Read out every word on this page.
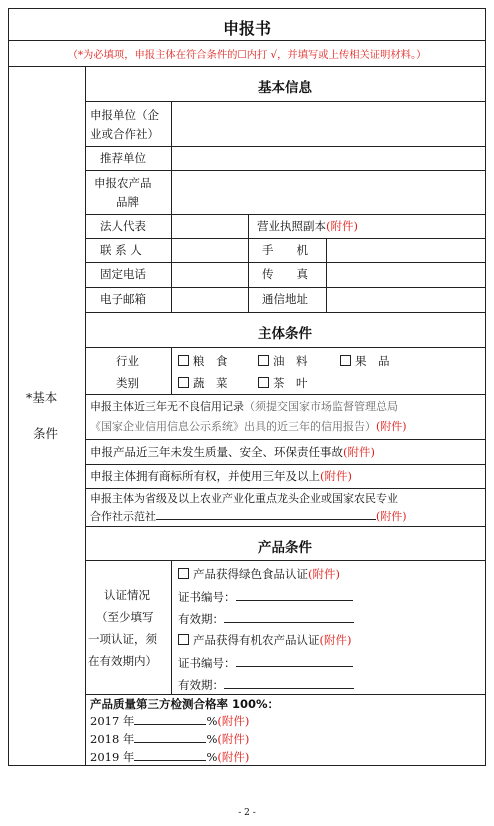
申报书
（*为必填项，申报主体在符合条件的☐内打 √，并填写或上传相关证明材料。）
*基本
条件
基本信息
主体条件
产品条件
申报单位（企
业或合作社）
推荐单位
申报农产品
品牌
法人代表	营业执照副本(附件)
联 系 人	手　　机
固定电话	传　　真
电子邮箱	通信地址
行业
类别
粮　食	油　料	果　品
蔬　菜	茶　叶
申报主体近三年无不良信用记录（须提交国家市场监督管理总局
《国家企业信用信息公示系统》出具的近三年的信用报告）(附件)
申报产品近三年未发生质量、安全、环保责任事故(附件)
申报主体拥有商标所有权，并使用三年及以上(附件)
申报主体为省级及以上农业产业化重点龙头企业或国家农民专业
合作社示范社	(附件)
认证情况
（至少填写
一项认证，须
在有效期内）
产品获得绿色食品认证(附件)
证书编号：
有效期：
产品获得有机农产品认证(附件)
证书编号：
有效期：
产品质量第三方检测合格率 100%：
2017 年	%(附件)
2018 年	%(附件)
2019 年	%(附件)
- 2 -
